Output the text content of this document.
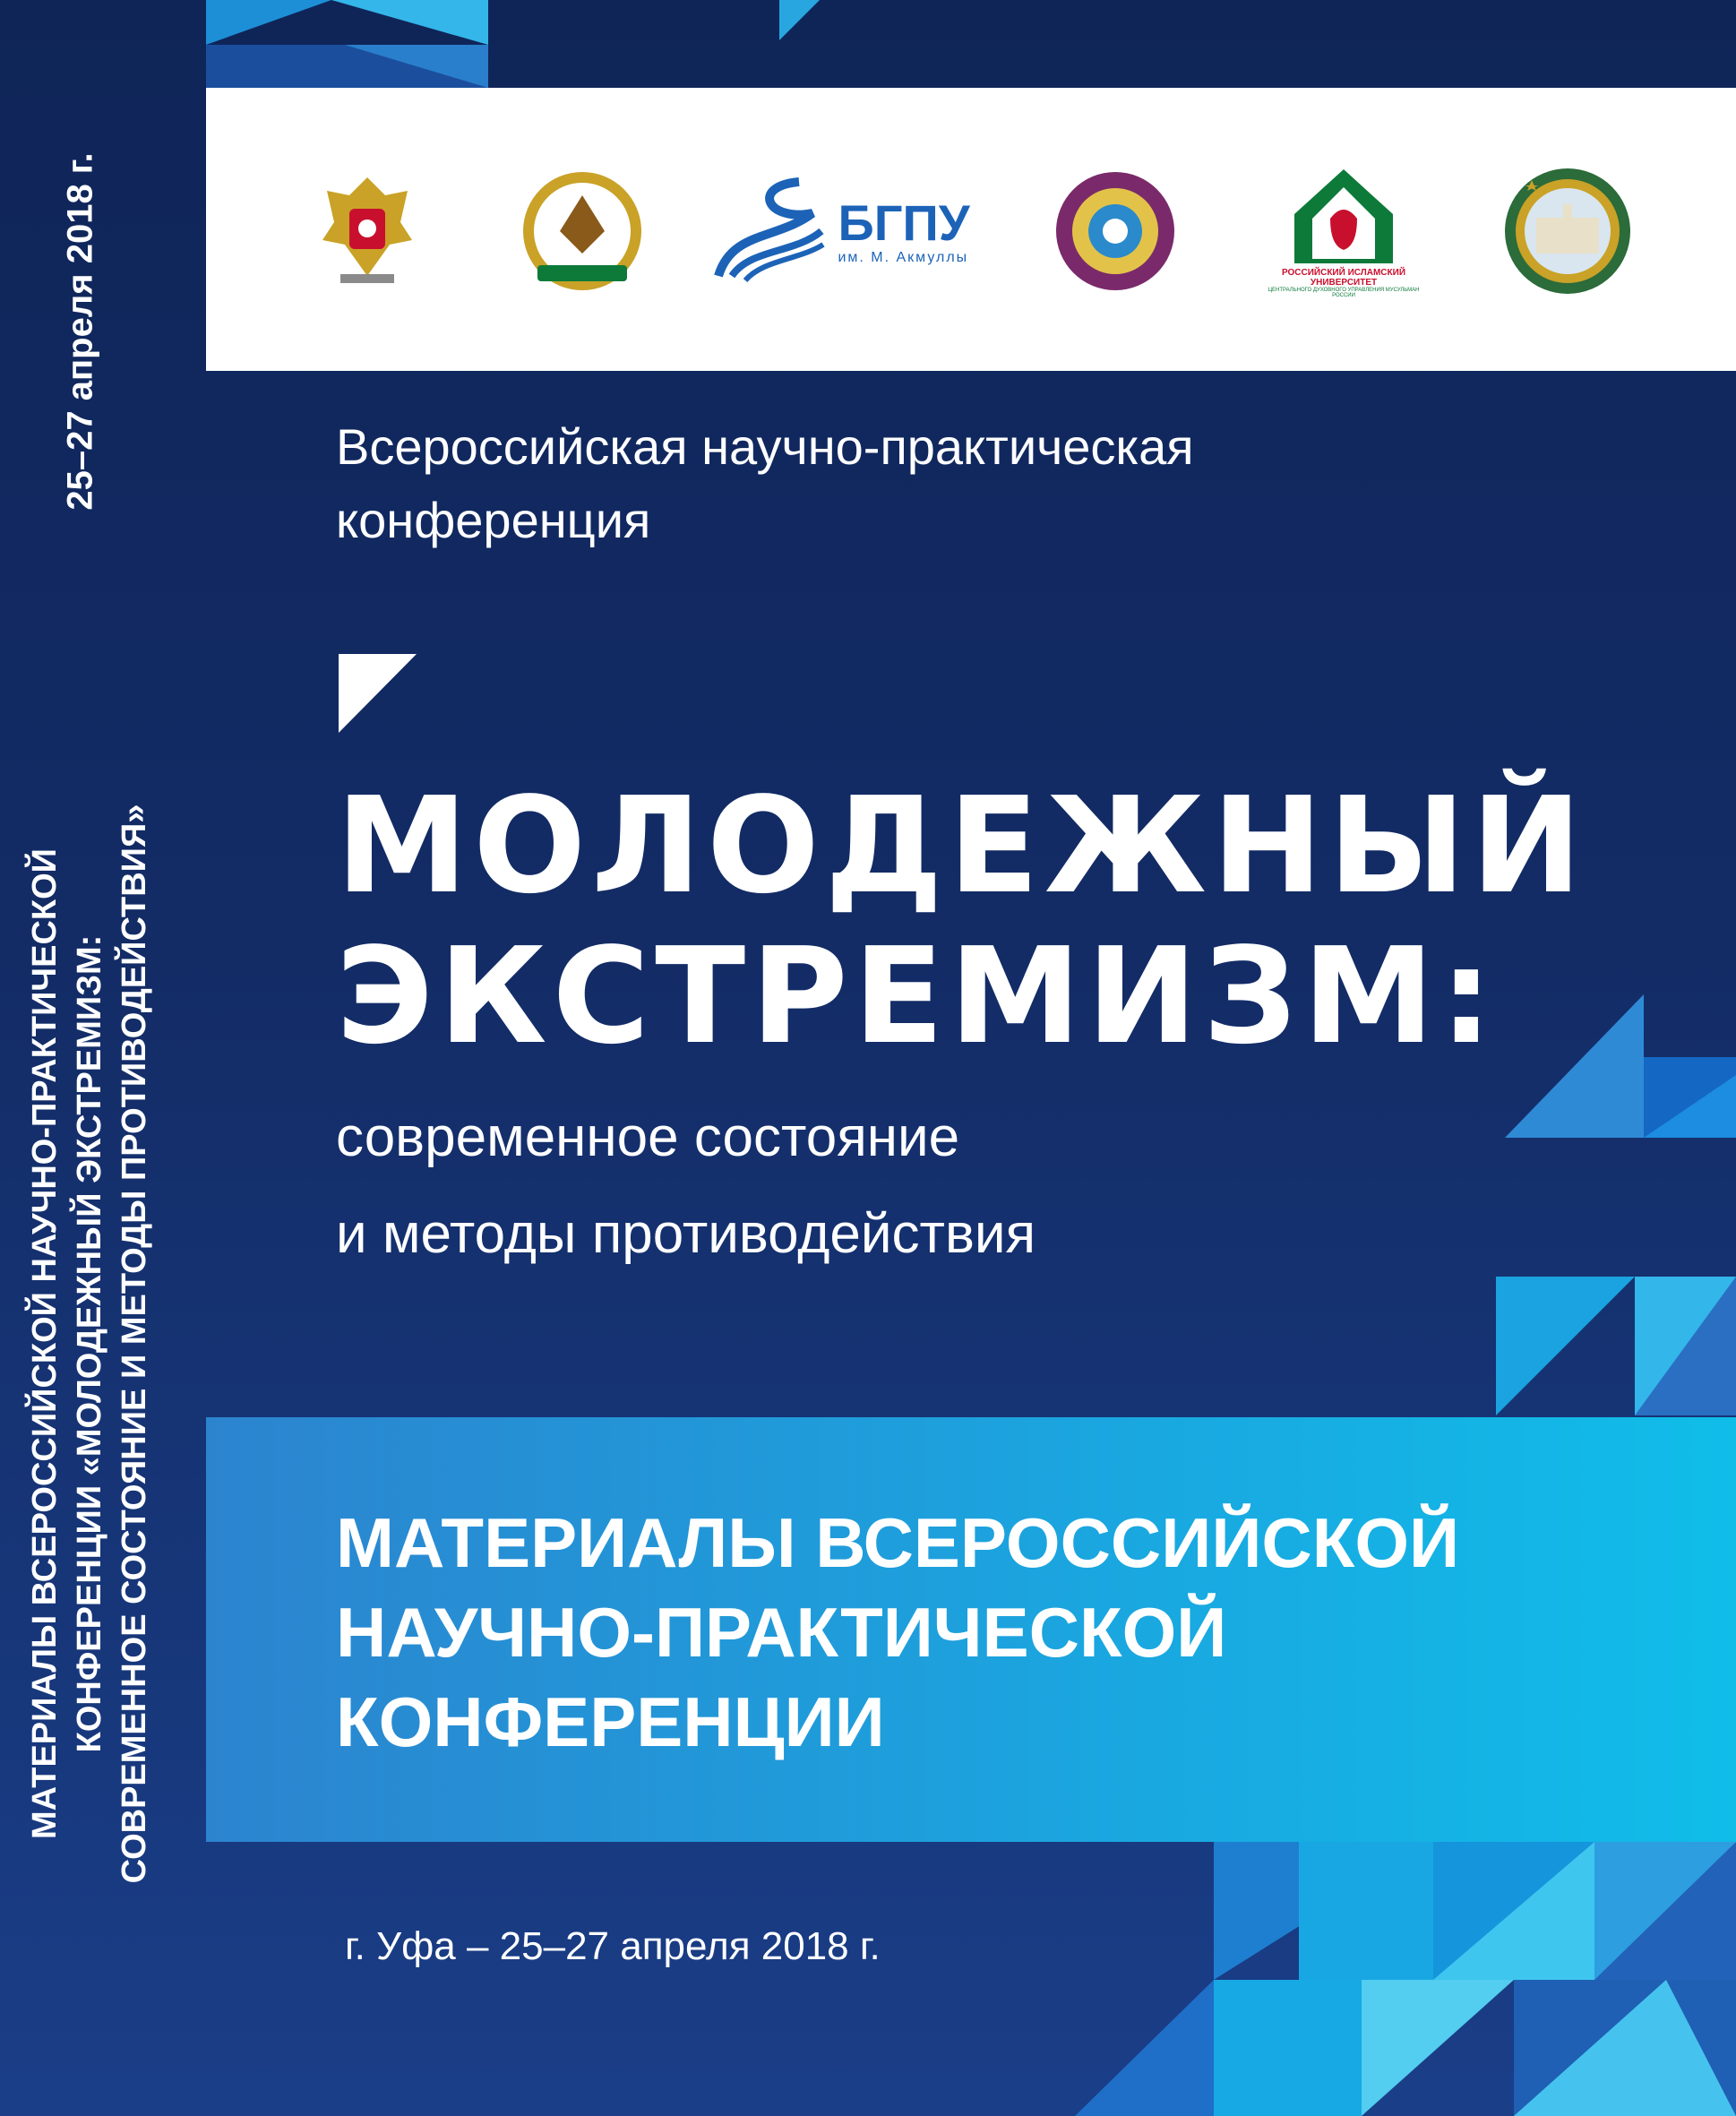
25–27 апреля 2018 г.
МАТЕРИАЛЫ ВСЕРОССИЙСКОЙ НАУЧНО-ПРАКТИЧЕСКОЙ КОНФЕРЕНЦИИ «МОЛОДЕЖНЫЙ ЭКСТРЕМИЗМ: СОВРЕМЕННОЕ СОСТОЯНИЕ И МЕТОДЫ ПРОТИВОДЕЙСТВИЯ»
БГПУ
им. М. Акмуллы
РОССИЙСКИЙ ИСЛАМСКИЙ УНИВЕРСИТЕТ
ЦЕНТРАЛЬНОГО ДУХОВНОГО УПРАВЛЕНИЯ МУСУЛЬМАН РОССИИ
Всероссийская научно-практическая
конференция
МОЛОДЕЖНЫЙ
ЭКСТРЕМИЗМ:
современное состояние
и методы противодействия
МАТЕРИАЛЫ ВСЕРОССИЙСКОЙ
НАУЧНО-ПРАКТИЧЕСКОЙ
КОНФЕРЕНЦИИ
г. Уфа – 25–27 апреля 2018 г.
